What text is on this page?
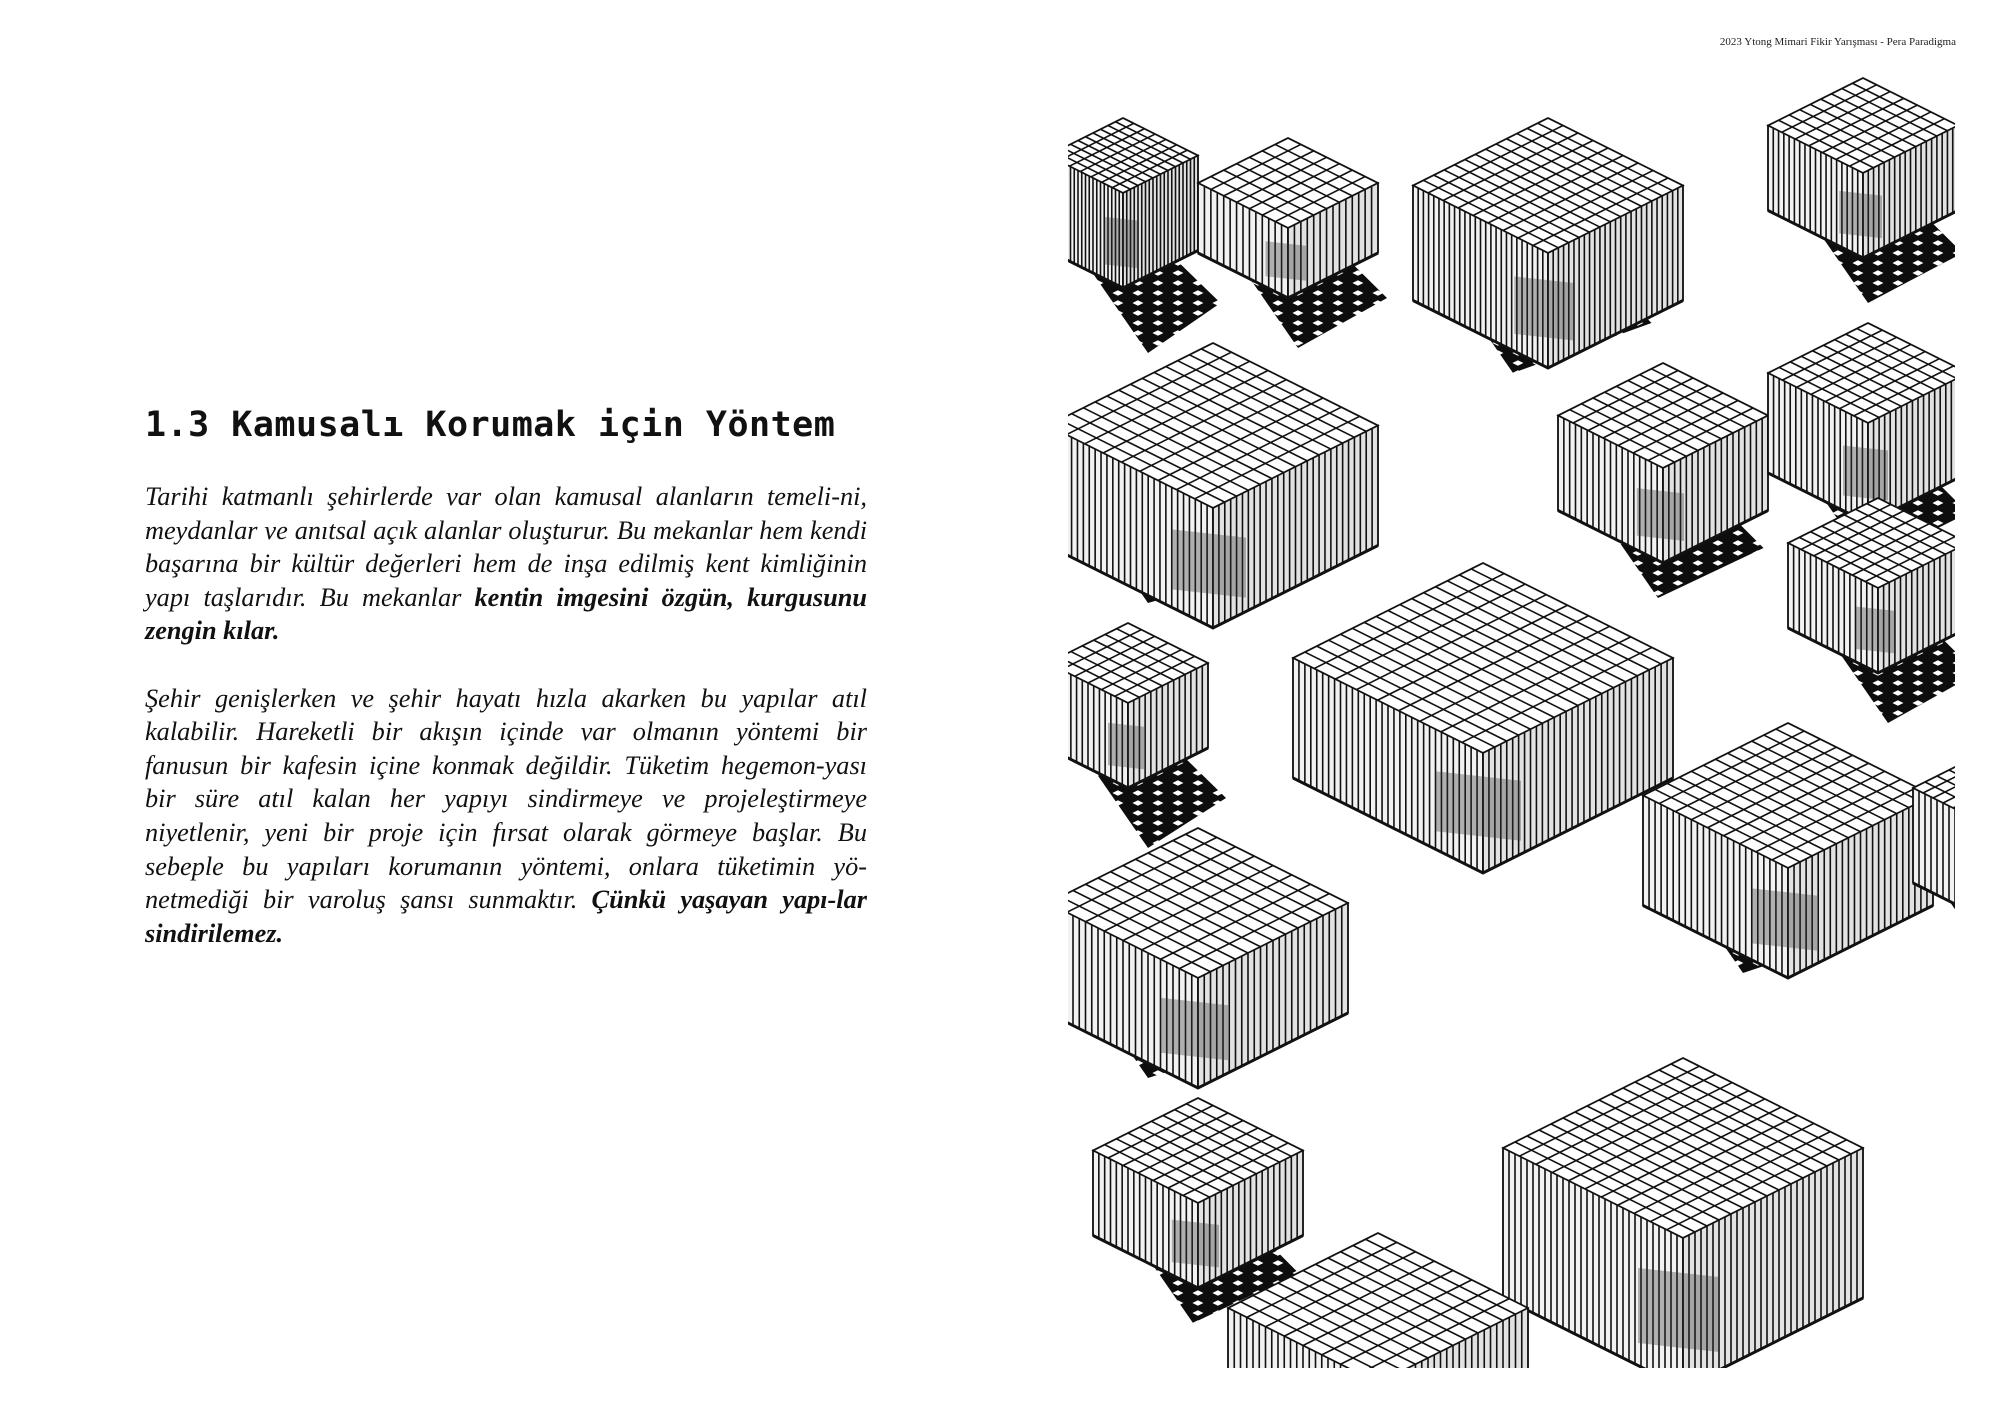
2023 Ytong Mimari Fikir Yarışması - Pera Paradigma
1.3 Kamusalı Korumak için Yöntem

Tarihi katmanlı şehirlerde var olan kamusal alanların temeli-ni, meydanlar ve anıtsal açık alanlar oluşturur. Bu mekanlar hem kendi başarına bir kültür değerleri hem de inşa edilmiş kent kimliğinin yapı taşlarıdır. Bu mekanlar kentin imgesini özgün, kurgusunu zengin kılar.

Şehir genişlerken ve şehir hayatı hızla akarken bu yapılar atıl kalabilir. Hareketli bir akışın içinde var olmanın yöntemi bir fanusun bir kafesin içine konmak değildir. Tüketim hegemon-yası bir süre atıl kalan her yapıyı sindirmeye ve projeleştirmeye niyetlenir, yeni bir proje için fırsat olarak görmeye başlar. Bu sebeple bu yapıları korumanın yöntemi, onlara tüketimin yö-netmediği bir varoluş şansı sunmaktır. Çünkü yaşayan yapı-lar sindirilemez.
